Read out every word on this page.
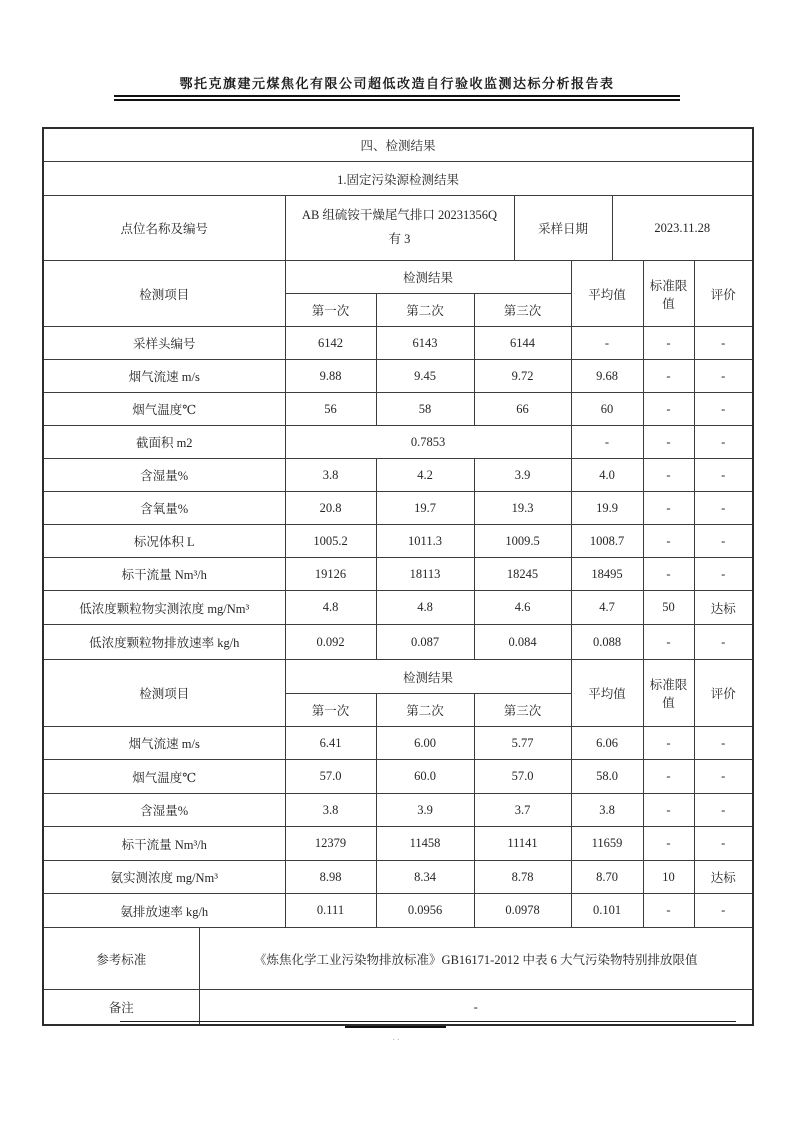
鄂托克旗建元煤焦化有限公司超低改造自行验收监测达标分析报告表
四、检测结果									
1.固定污染源检测结果									
点位名称及编号		AB 组硫铵干燥尾气排口 20231356Q有 3			采样日期		2023.11.28		
检测项目		检测结果				平均值		标准限值	评价
		第一次	第二次	第三次					
采样头编号		6142	6143	6144		-		-	-
烟气流速 m/s		9.88	9.45	9.72		9.68		-	-
烟气温度℃		56	58	66		60		-	-
截面积 m2		0.7853				-		-	-
含湿量%		3.8	4.2	3.9		4.0		-	-
含氧量%		20.8	19.7	19.3		19.9		-	-
标况体积 L		1005.2	1011.3	1009.5		1008.7		-	-
标干流量 Nm³/h		19126	18113	18245		18495		-	-
低浓度颗粒物实测浓度 mg/Nm³		4.8	4.8	4.6		4.7		50	达标
低浓度颗粒物排放速率 kg/h		0.092	0.087	0.084		0.088		-	-
检测项目		检测结果				平均值		标准限值	评价
		第一次	第二次	第三次					
烟气流速 m/s		6.41	6.00	5.77		6.06		-	-
烟气温度℃		57.0	60.0	57.0		58.0		-	-
含湿量%		3.8	3.9	3.7		3.8		-	-
标干流量 Nm³/h		12379	11458	11141		11659		-	-
氨实测浓度 mg/Nm³		8.98	8.34	8.78		8.70		10	达标
氨排放速率 kg/h		0.111	0.0956	0.0978		0.101		-	-
参考标准	《炼焦化学工业污染物排放标准》GB16171-2012 中表 6 大气污染物特别排放限值								
备注	-								
..
